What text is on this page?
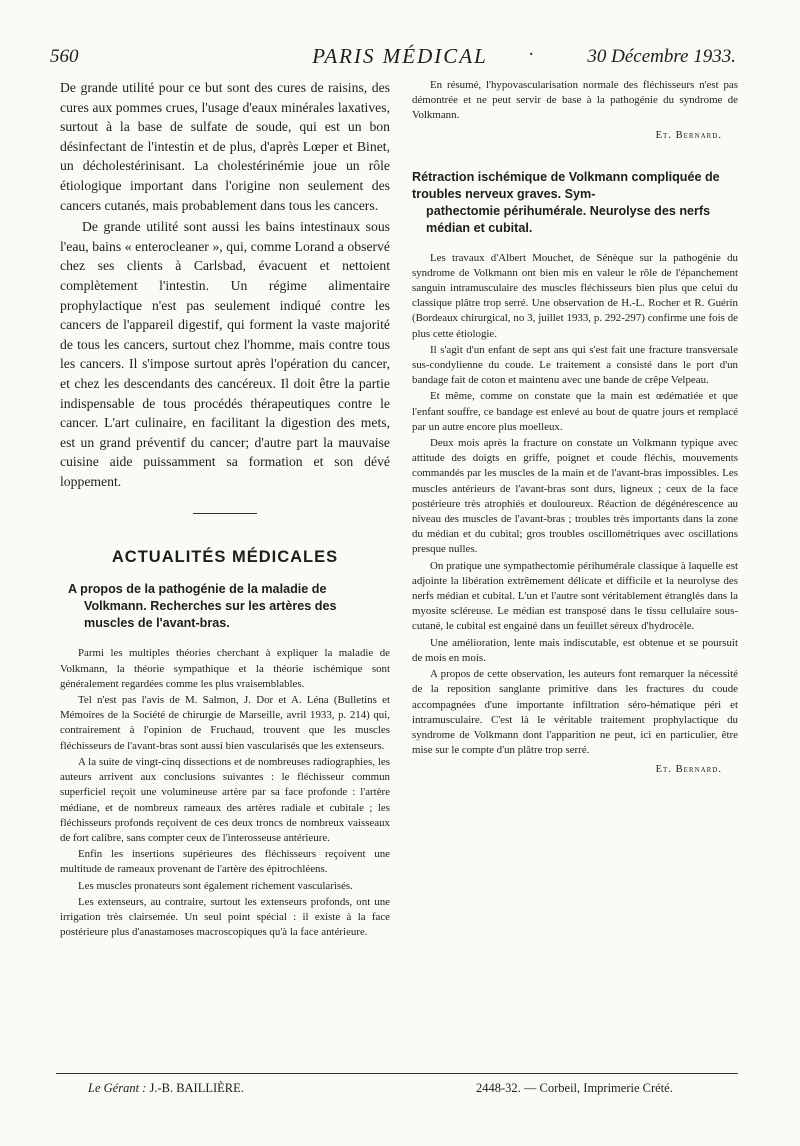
560	PARIS MÉDICAL	·	30 Décembre 1933.

De grande utilité pour ce but sont des cures de raisins, des cures aux pommes crues, l'usage d'eaux minérales laxatives, surtout à la base de sulfate de soude, qui est un bon désinfectant de l'intestin et de plus, d'après Lœper et Binet, un décholestérinisant. La cholestérinémie joue un rôle étiologique important dans l'origine non seulement des cancers cutanés, mais probablement dans tous les cancers.

De grande utilité sont aussi les bains intestinaux sous l'eau, bains « enterocleaner », qui, comme Lorand a observé chez ses clients à Carlsbad, évacuent et nettoient complètement l'intestin. Un régime alimentaire prophylactique n'est pas seulement indiqué contre les cancers de l'appareil digestif, qui forment la vaste majorité de tous les cancers, surtout chez l'homme, mais contre tous les cancers. Il s'impose surtout après l'opération du cancer, et chez les descendants des cancéreux. Il doit être la partie indispensable de tous procédés thérapeutiques contre le cancer. L'art culinaire, en facilitant la digestion des mets, est un grand préventif du cancer; d'autre part la mauvaise cuisine aide puissamment sa formation et son dévé loppement.

ACTUALITÉS MÉDICALES
A propos de la pathogénie de la maladie de
Volkmann. Recherches sur les artères des muscles de l'avant-bras.

Parmi les multiples théories cherchant à expliquer la maladie de Volkmann, la théorie sympathique et la théorie ischémique sont généralement regardées comme les plus vraisemblables.

Tel n'est pas l'avis de M. Salmon, J. Dor et A. Léna (Bulletins et Mémoires de la Société de chirurgie de Marseille, avril 1933, p. 214) qui, contrairement à l'opinion de Fruchaud, trouvent que les muscles fléchisseurs de l'avant-bras sont aussi bien vascularisés que les extenseurs.

A la suite de vingt-cinq dissections et de nombreuses radiographies, les auteurs arrivent aux conclusions suivantes : le fléchisseur commun superficiel reçoit une volumineuse artère par sa face profonde : l'artère médiane, et de nombreux rameaux des artères radiale et cubitale ; les fléchisseurs profonds reçoivent de ces deux troncs de nombreux vaisseaux de fort calibre, sans compter ceux de l'interosseuse antérieure.

Enfin les insertions supérieures des fléchisseurs reçoivent une multitude de rameaux provenant de l'artère des épitrochléens.

Les muscles pronateurs sont également richement vascularisés.

Les extenseurs, au contraire, surtout les extenseurs profonds, ont une irrigation très clairsemée. Un seul point spécial : il existe à la face postérieure plus d'anastamoses macroscopiques qu'à la face antérieure.

En résumé, l'hypovascularisation normale des fléchisseurs n'est pas démontrée et ne peut servir de base à la pathogénie du syndrome de Volkmann.

Et. Bernard.
Rétraction ischémique de Volkmann compliquée de troubles nerveux graves. Sym-
pathectomie périhumérale. Neurolyse des nerfs médian et cubital.

Les travaux d'Albert Mouchet, de Sénèque sur la pathogénie du syndrome de Volkmann ont bien mis en valeur le rôle de l'épanchement sanguin intramusculaire des muscles fléchisseurs bien plus que celui du classique plâtre trop serré. Une observation de H.-L. Rocher et R. Guérin (Bordeaux chirurgical, no 3, juillet 1933, p. 292-297) confirme une fois de plus cette étiologie.

Il s'agit d'un enfant de sept ans qui s'est fait une fracture transversale sus-condylienne du coude. Le traitement a consisté dans le port d'un bandage fait de coton et maintenu avec une bande de crêpe Velpeau.

Et même, comme on constate que la main est œdématiée et que l'enfant souffre, ce bandage est enlevé au bout de quatre jours et remplacé par un autre encore plus moelleux.

Deux mois après la fracture on constate un Volkmann typique avec attitude des doigts en griffe, poignet et coude fléchis, mouvements commandés par les muscles de la main et de l'avant-bras impossibles. Les muscles antérieurs de l'avant-bras sont durs, ligneux ; ceux de la face postérieure très atrophiés et douloureux. Réaction de dégénérescence au niveau des muscles de l'avant-bras ; troubles très importants dans la zone du médian et du cubital; gros troubles oscillométriques avec oscillations presque nulles.

On pratique une sympathectomie périhumérale classique à laquelle est adjointe la libération extrêmement délicate et difficile et la neurolyse des nerfs médian et cubital. L'un et l'autre sont véritablement étranglés dans la myosite scléreuse. Le médian est transposé dans le tissu cellulaire sous-cutané, le cubital est engainé dans un feuillet séreux d'hydrocèle.

Une amélioration, lente mais indiscutable, est obtenue et se poursuit de mois en mois.

A propos de cette observation, les auteurs font remarquer la nécessité de la reposition sanglante primitive dans les fractures du coude accompagnées d'une importante infiltration séro-hématique péri et intramusculaire. C'est là le véritable traitement prophylactique du syndrome de Volkmann dont l'apparition ne peut, ici en particulier, être mise sur le compte d'un plâtre trop serré.

Et. Bernard.
Le Gérant : J.-B. BAILLIÈRE.	2448-32. — Corbeil, Imprimerie Crété.
